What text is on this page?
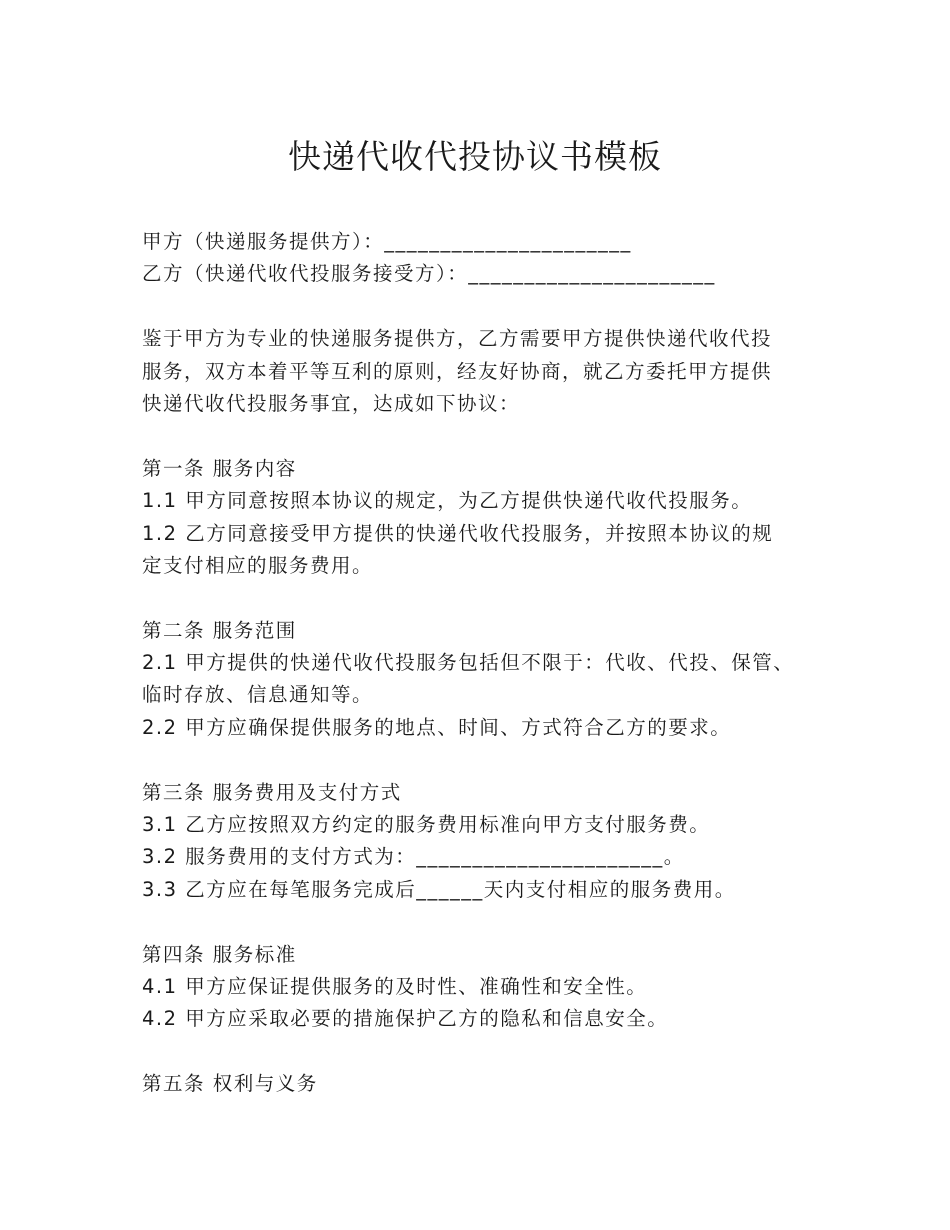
快递代收代投协议书模板
甲方（快递服务提供方）：______________________
乙方（快递代收代投服务接受方）：______________________
鉴于甲方为专业的快递服务提供方，乙方需要甲方提供快递代收代投
服务，双方本着平等互利的原则，经友好协商，就乙方委托甲方提供
快递代收代投服务事宜，达成如下协议：
第一条 服务内容
1.1 甲方同意按照本协议的规定，为乙方提供快递代收代投服务。
1.2 乙方同意接受甲方提供的快递代收代投服务，并按照本协议的规
定支付相应的服务费用。
第二条 服务范围
2.1 甲方提供的快递代收代投服务包括但不限于：代收、代投、保管、
临时存放、信息通知等。
2.2 甲方应确保提供服务的地点、时间、方式符合乙方的要求。
第三条 服务费用及支付方式
3.1 乙方应按照双方约定的服务费用标准向甲方支付服务费。
3.2 服务费用的支付方式为：______________________。
3.3 乙方应在每笔服务完成后______天内支付相应的服务费用。
第四条 服务标准
4.1 甲方应保证提供服务的及时性、准确性和安全性。
4.2 甲方应采取必要的措施保护乙方的隐私和信息安全。
第五条 权利与义务
